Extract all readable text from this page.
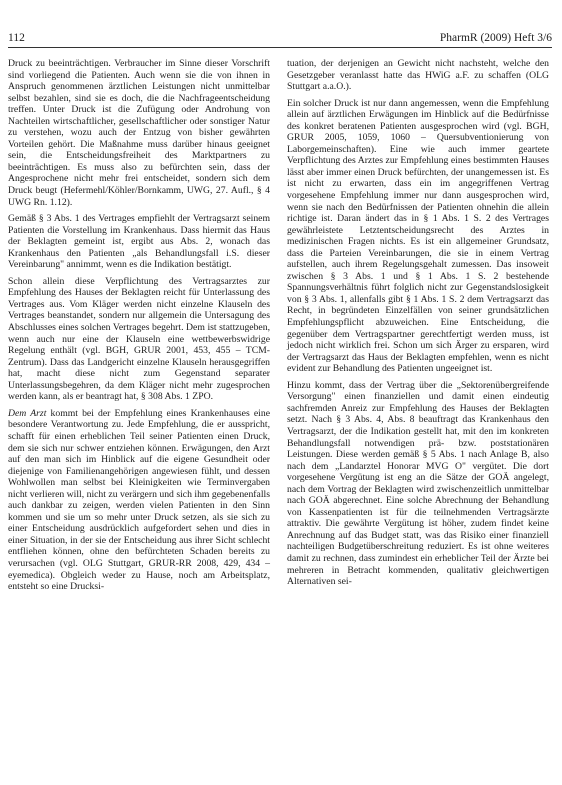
112	PharmR (2009) Heft 3/6

Druck zu beeinträchtigen. Verbraucher im Sinne dieser Vorschrift sind vorliegend die Patienten. Auch wenn sie die von ihnen in Anspruch genommenen ärztlichen Leistungen nicht unmittelbar selbst bezahlen, sind sie es doch, die die Nachfrageentscheidung treffen. Unter Druck ist die Zufügung oder Androhung von Nachteilen wirtschaftlicher, gesellschaftlicher oder sonstiger Natur zu verstehen, wozu auch der Entzug von bisher gewährten Vorteilen gehört. Die Maßnahme muss darüber hinaus geeignet sein, die Entscheidungsfreiheit des Marktpartners zu beeinträchtigen. Es muss also zu befürchten sein, dass der Angesprochene nicht mehr frei entscheidet, sondern sich dem Druck beugt (Hefermehl/Köhler/Bornkamm, UWG, 27. Aufl., § 4 UWG Rn. 1.12).

Gemäß § 3 Abs. 1 des Vertrages empfiehlt der Vertragsarzt seinem Patienten die Vorstellung im Krankenhaus. Dass hiermit das Haus der Beklagten gemeint ist, ergibt aus Abs. 2, wonach das Krankenhaus den Patienten „als Behandlungsfall i.S. dieser Vereinbarung" annimmt, wenn es die Indikation bestätigt.

Schon allein diese Verpflichtung des Vertragsarztes zur Empfehlung des Hauses der Beklagten reicht für Unterlassung des Vertrages aus. Vom Kläger werden nicht einzelne Klauseln des Vertrages beanstandet, sondern nur allgemein die Untersagung des Abschlusses eines solchen Vertrages begehrt. Dem ist stattzugeben, wenn auch nur eine der Klauseln eine wettbewerbswidrige Regelung enthält (vgl. BGH, GRUR 2001, 453, 455 – TCM-Zentrum). Dass das Landgericht einzelne Klauseln herausgegriffen hat, macht diese nicht zum Gegenstand separater Unterlassungsbegehren, da dem Kläger nicht mehr zugesprochen werden kann, als er beantragt hat, § 308 Abs. 1 ZPO.

Dem Arzt kommt bei der Empfehlung eines Krankenhauses eine besondere Verantwortung zu. Jede Empfehlung, die er ausspricht, schafft für einen erheblichen Teil seiner Patienten einen Druck, dem sie sich nur schwer entziehen können. Erwägungen, den Arzt auf den man sich im Hinblick auf die eigene Gesundheit oder diejenige von Familienangehörigen angewiesen fühlt, und dessen Wohlwollen man selbst bei Kleinigkeiten wie Terminvergaben nicht verlieren will, nicht zu verärgern und sich ihm gegebenenfalls auch dankbar zu zeigen, werden vielen Patienten in den Sinn kommen und sie um so mehr unter Druck setzen, als sie sich zu einer Entscheidung ausdrücklich aufgefordert sehen und dies in einer Situation, in der sie der Entscheidung aus ihrer Sicht schlecht entfliehen können, ohne den befürchteten Schaden bereits zu verursachen (vgl. OLG Stuttgart, GRUR-RR 2008, 429, 434 – eyemedica). Obgleich weder zu Hause, noch am Arbeitsplatz, entsteht so eine Drucksi-

tuation, der derjenigen an Gewicht nicht nachsteht, welche den Gesetzgeber veranlasst hatte das HWiG a.F. zu schaffen (OLG Stuttgart a.a.O.).

Ein solcher Druck ist nur dann angemessen, wenn die Empfehlung allein auf ärztlichen Erwägungen im Hinblick auf die Bedürfnisse des konkret beratenen Patienten ausgesprochen wird (vgl. BGH, GRUR 2005, 1059, 1060 – Quersubventionierung von Laborgemeinschaften). Eine wie auch immer geartete Verpflichtung des Arztes zur Empfehlung eines bestimmten Hauses lässt aber immer einen Druck befürchten, der unangemessen ist. Es ist nicht zu erwarten, dass ein im angegriffenen Vertrag vorgesehene Empfehlung immer nur dann ausgesprochen wird, wenn sie nach den Bedürfnissen der Patienten ohnehin die allein richtige ist. Daran ändert das in § 1 Abs. 1 S. 2 des Vertrages gewährleistete Letztentscheidungsrecht des Arztes in medizinischen Fragen nichts. Es ist ein allgemeiner Grundsatz, dass die Parteien Vereinbarungen, die sie in einem Vertrag aufstellen, auch ihrem Regelungsgehalt zumessen. Das insoweit zwischen § 3 Abs. 1 und § 1 Abs. 1 S. 2 bestehende Spannungsverhältnis führt folglich nicht zur Gegenstandslosigkeit von § 3 Abs. 1, allenfalls gibt § 1 Abs. 1 S. 2 dem Vertragsarzt das Recht, in begründeten Einzelfällen von seiner grundsätzlichen Empfehlungspflicht abzuweichen. Eine Entscheidung, die gegenüber dem Vertragspartner gerechtfertigt werden muss, ist jedoch nicht wirklich frei. Schon um sich Ärger zu ersparen, wird der Vertragsarzt das Haus der Beklagten empfehlen, wenn es nicht evident zur Behandlung des Patienten ungeeignet ist.

Hinzu kommt, dass der Vertrag über die „Sektorenübergreifende Versorgung" einen finanziellen und damit einen eindeutig sachfremden Anreiz zur Empfehlung des Hauses der Beklagten setzt. Nach § 3 Abs. 4, Abs. 8 beauftragt das Krankenhaus den Vertragsarzt, der die Indikation gestellt hat, mit den im konkreten Behandlungsfall notwendigen prä- bzw. poststationären Leistungen. Diese werden gemäß § 5 Abs. 1 nach Anlage B, also nach dem „Landarztel Honorar MVG O" vergütet. Die dort vorgesehene Vergütung ist eng an die Sätze der GOÄ angelegt, nach dem Vortrag der Beklagten wird zwischenzeitlich unmittelbar nach GOÄ abgerechnet. Eine solche Abrechnung der Behandlung von Kassenpatienten ist für die teilnehmenden Vertragsärzte attraktiv. Die gewährte Vergütung ist höher, zudem findet keine Anrechnung auf das Budget statt, was das Risiko einer finanziell nachteiligen Budgetüberschreitung reduziert. Es ist ohne weiteres damit zu rechnen, dass zumindest ein erheblicher Teil der Ärzte bei mehreren in Betracht kommenden, qualitativ gleichwertigen Alternativen sei-
